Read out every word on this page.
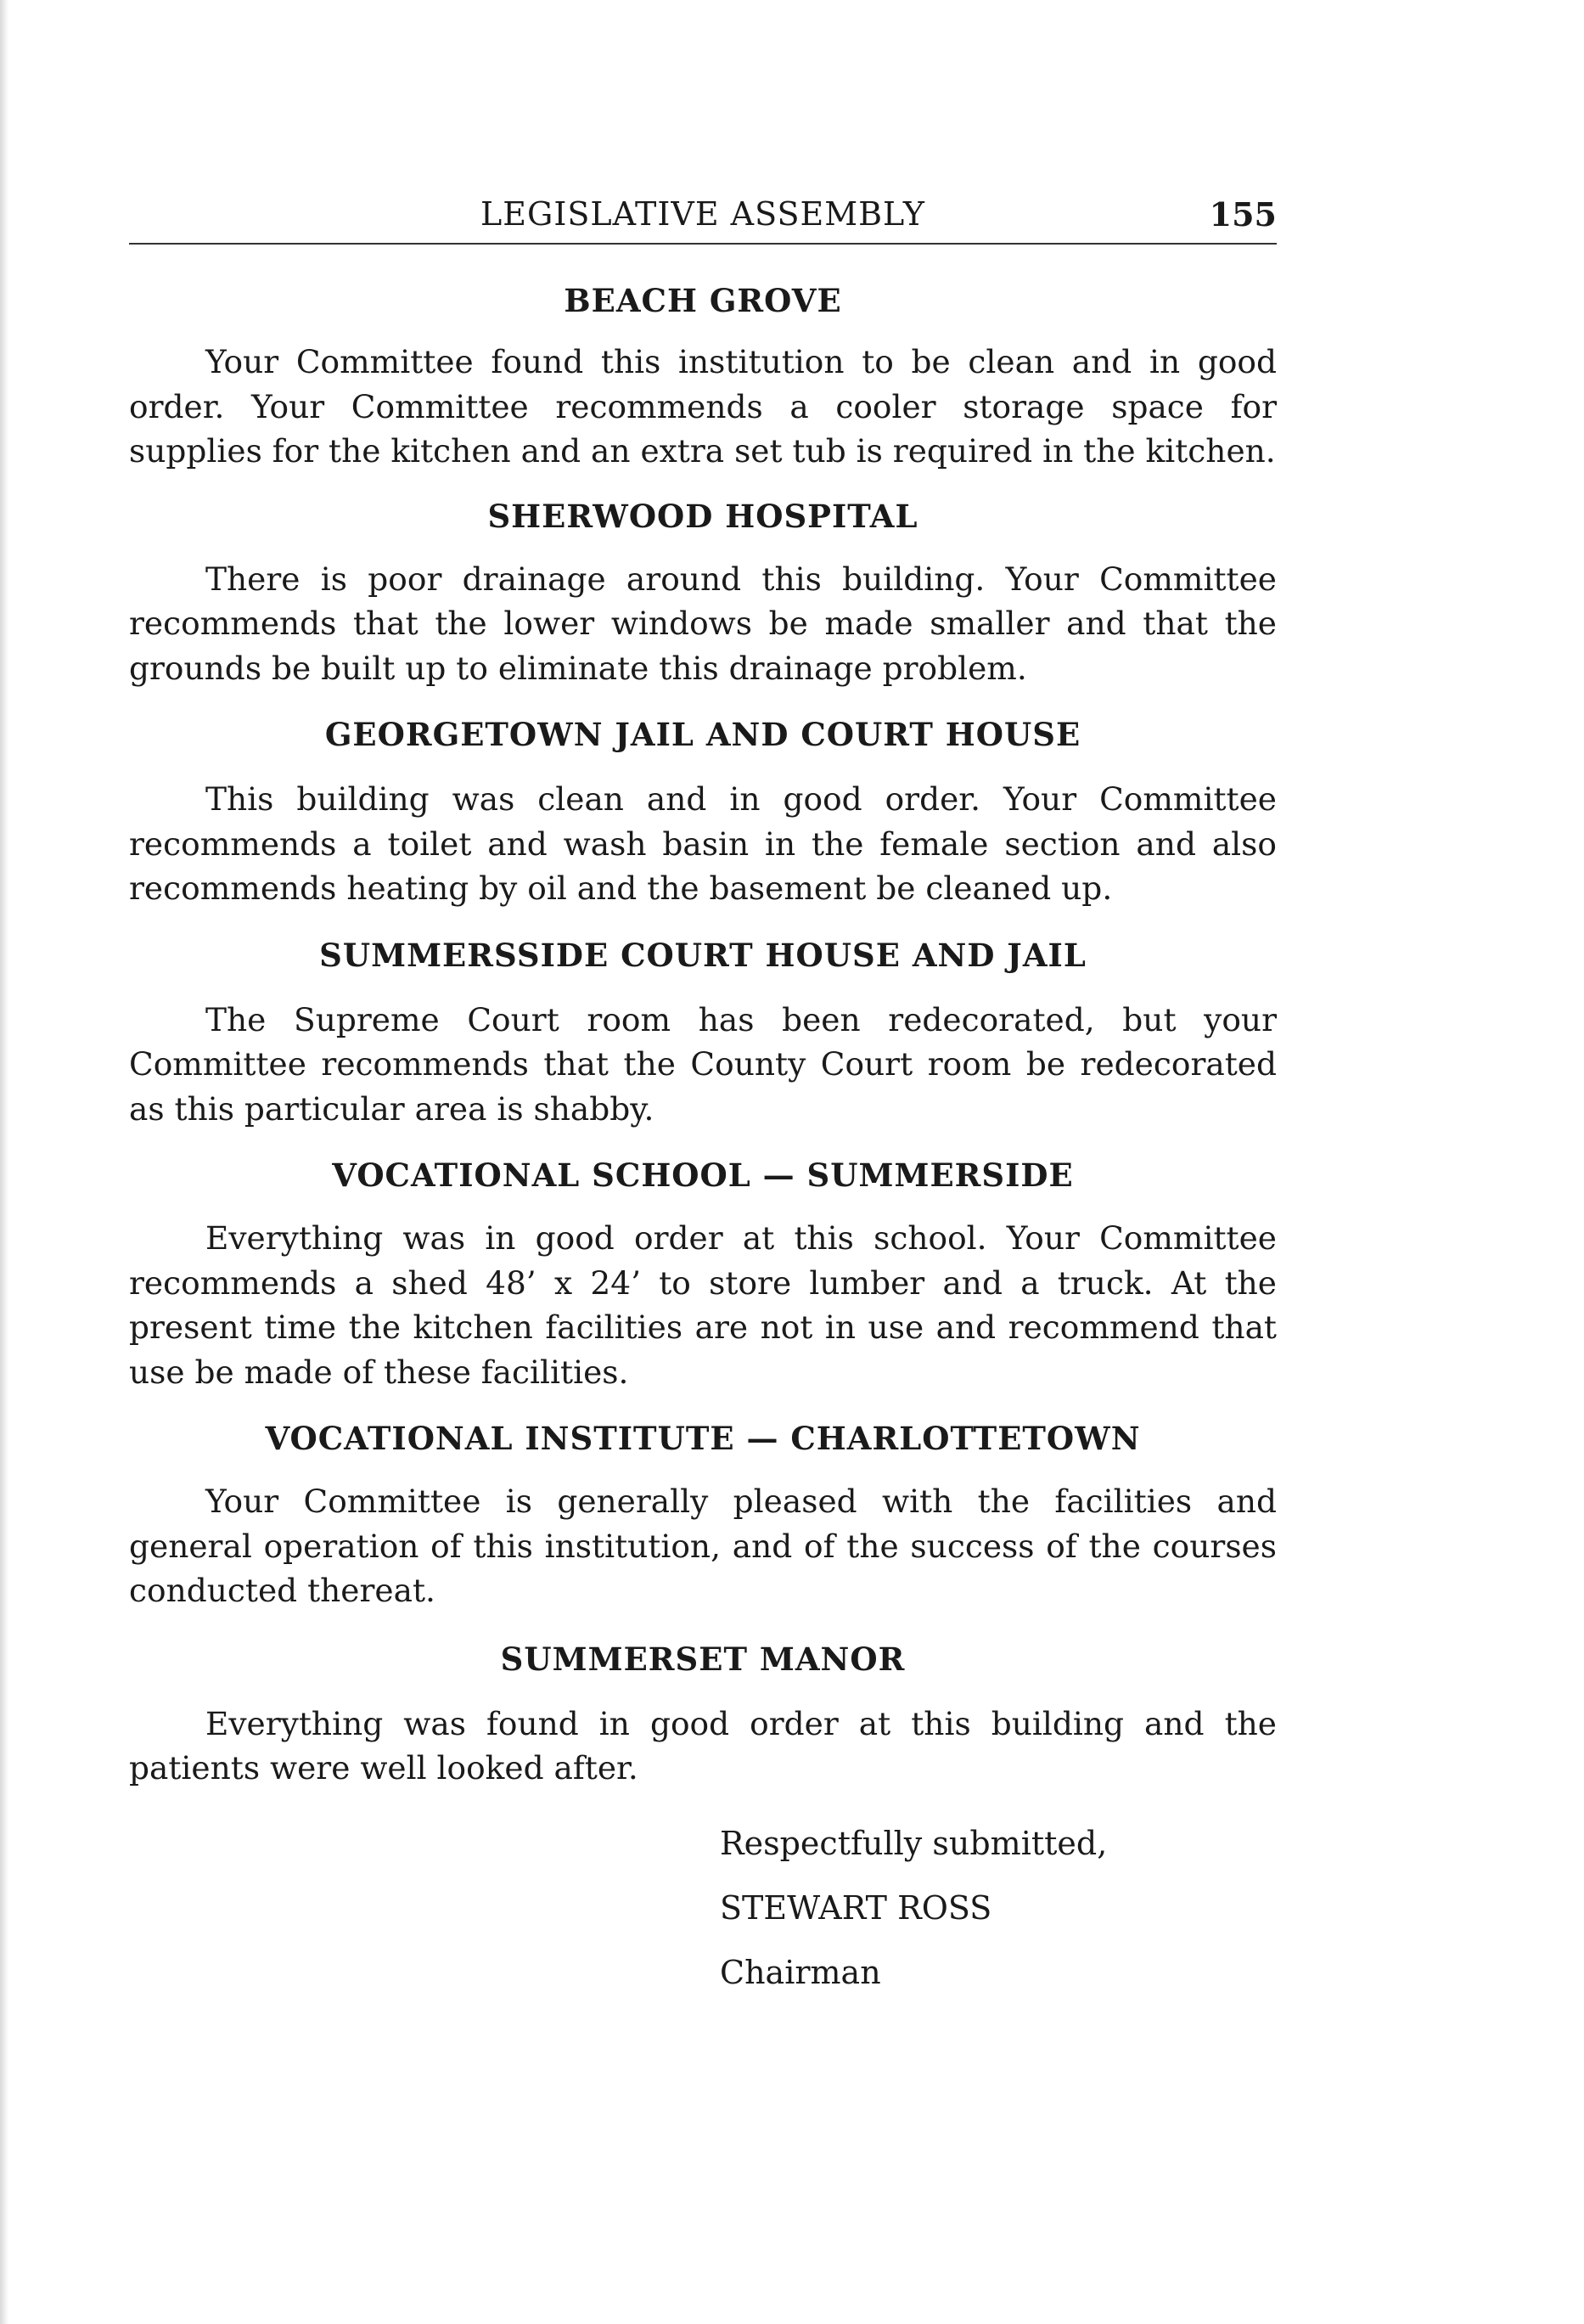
LEGISLATIVE ASSEMBLY	155
BEACH GROVE

Your Committee found this institution to be clean and in good order. Your Committee recommends a cooler storage space for supplies for the kitchen and an extra set tub is required in the kitchen.

SHERWOOD HOSPITAL

There is poor drainage around this building. Your Committee recommends that the lower windows be made smaller and that the grounds be built up to eliminate this drainage problem.

GEORGETOWN JAIL AND COURT HOUSE

This building was clean and in good order. Your Committee recommends a toilet and wash basin in the female section and also recommends heating by oil and the basement be cleaned up.

SUMMERSSIDE COURT HOUSE AND JAIL

The Supreme Court room has been redecorated, but your Committee recommends that the County Court room be redecorated as this particular area is shabby.

VOCATIONAL SCHOOL — SUMMERSIDE

Everything was in good order at this school. Your Committee recommends a shed 48’ x 24’ to store lumber and a truck. At the present time the kitchen facilities are not in use and recommend that use be made of these facilities.

VOCATIONAL INSTITUTE — CHARLOTTETOWN

Your Committee is generally pleased with the facilities and general operation of this institution, and of the success of the courses conducted thereat.

SUMMERSET MANOR

Everything was found in good order at this building and the patients were well looked after.

Respectfully submitted,
STEWART ROSS
Chairman
